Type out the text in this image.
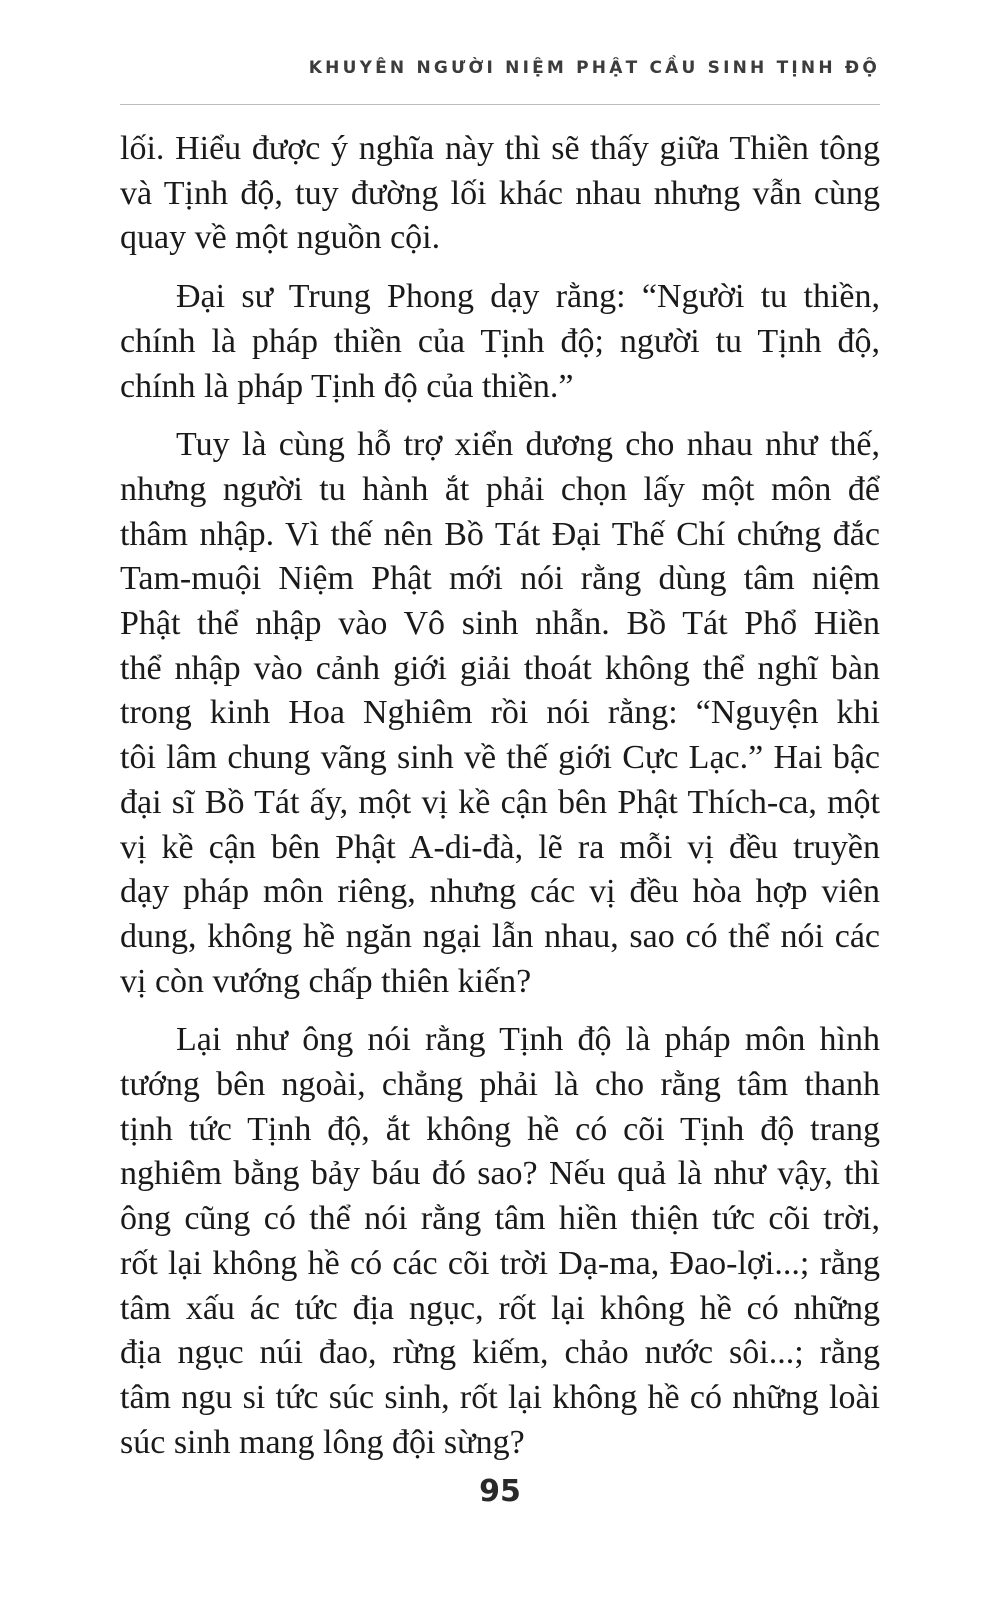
KHUYÊN NGƯỜI NIỆM PHẬT CẦU SINH TỊNH ĐỘ
lối. Hiểu được ý nghĩa này thì sẽ thấy giữa Thiền tông
và Tịnh độ, tuy đường lối khác nhau nhưng vẫn cùng
quay về một nguồn cội.
Đại sư Trung Phong dạy rằng: “Người tu thiền,
chính là pháp thiền của Tịnh độ; người tu Tịnh độ,
chính là pháp Tịnh độ của thiền.”
Tuy là cùng hỗ trợ xiển dương cho nhau như thế,
nhưng người tu hành ắt phải chọn lấy một môn để
thâm nhập. Vì thế nên Bồ Tát Đại Thế Chí chứng đắc
Tam-muội Niệm Phật mới nói rằng dùng tâm niệm
Phật thể nhập vào Vô sinh nhẫn. Bồ Tát Phổ Hiền
thể nhập vào cảnh giới giải thoát không thể nghĩ bàn
trong kinh Hoa Nghiêm rồi nói rằng: “Nguyện khi
tôi lâm chung vãng sinh về thế giới Cực Lạc.” Hai bậc
đại sĩ Bồ Tát ấy, một vị kề cận bên Phật Thích-ca, một
vị kề cận bên Phật A-di-đà, lẽ ra mỗi vị đều truyền
dạy pháp môn riêng, nhưng các vị đều hòa hợp viên
dung, không hề ngăn ngại lẫn nhau, sao có thể nói các
vị còn vướng chấp thiên kiến?
Lại như ông nói rằng Tịnh độ là pháp môn hình
tướng bên ngoài, chẳng phải là cho rằng tâm thanh
tịnh tức Tịnh độ, ắt không hề có cõi Tịnh độ trang
nghiêm bằng bảy báu đó sao? Nếu quả là như vậy, thì
ông cũng có thể nói rằng tâm hiền thiện tức cõi trời,
rốt lại không hề có các cõi trời Dạ-ma, Đao-lợi...; rằng
tâm xấu ác tức địa ngục, rốt lại không hề có những
địa ngục núi đao, rừng kiếm, chảo nước sôi...; rằng
tâm ngu si tức súc sinh, rốt lại không hề có những loài
súc sinh mang lông đội sừng?
95
